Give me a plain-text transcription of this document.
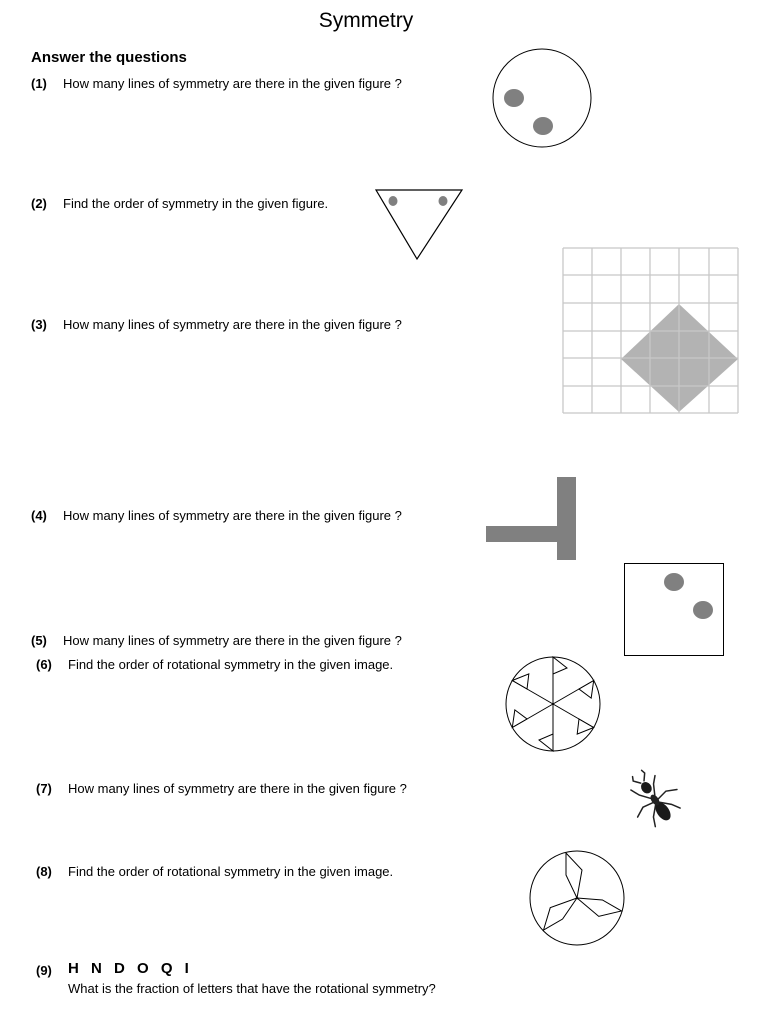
Symmetry
Answer the questions
(1) How many lines of symmetry are there in the given figure ?
(2) Find the order of symmetry in the given figure.
(3) How many lines of symmetry are there in the given figure ?
(4) How many lines of symmetry are there in the given figure ?
(5) How many lines of symmetry are there in the given figure ?
(6) Find the order of rotational symmetry in the given image.
(7) How many lines of symmetry are there in the given figure ?
(8) Find the order of rotational symmetry in the given image.
(9) H N D O Q I
What is the fraction of letters that have the rotational symmetry?
